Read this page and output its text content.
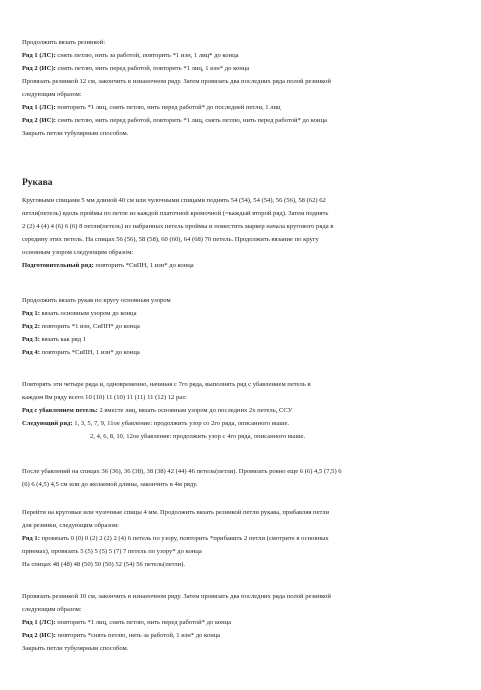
Продолжить вязать резинкой:
Ряд 1 (ЛС): снять петлю, нить за работой, повторить *1 изн, 1 лиц* до конца
Ряд 2 (ИС): снять петлю, нить перед работой, повторить *1 лиц, 1 изн* до конца
Провязать резинкой 12 см, закончить в изнаночном ряду. Затем провязать два последних ряда полой резинкой
следующим образом:
Ряд 1 (ЛС): повторить *1 лиц, снять петлю, нить перед работой* до последней петли, 1 лиц
Ряд 2 (ИС): снять петлю, нить перед работой, повторить *1 лиц, снять петлю, нить перед работой* до конца
Закрыть петли тубулярным способом.
Рукава
Круговыми спицами 5 мм длиной 40 см или чулочными спицами поднять 54 (54), 54 (54), 56 (56), 58 (62) 62
петли(петель) вдоль проймы по петле из каждой платочной кромочной (=каждый второй ряд). Затем поднять
2 (2) 4 (4) 4 (6) 6 (6) 8 петли(петель) из набранных петель проймы и поместить маркер начала кругового ряда в
середину этих петель. На спицах 56 (56), 58 (58), 60 (60), 64 (68) 70 петель. Продолжить вязание по кругу
основным узором следующим образом:
Подготовительный ряд: повторить *СиПН, 1 изн* до конца
Продолжить вязать рукав по кругу основным узором
Ряд 1: вязать основным узором до конца
Ряд 2: повторить *1 изн, СиПН* до конца
Ряд 3: вязать как ряд 1
Ряд 4: повторить *СиПН, 1 изн* до конца
Повторять эти четыре ряда и, одновременно, начиная с 7го ряда, выполнять ряд с убавлением петель в
каждом 8м ряду всего 10 (10) 11 (10) 11 (11) 11 (12) 12 раз:
Ряд с убавлением петель: 2 вместе лиц, вязать основным узором до последних 2х петель, ССУ
Следующий ряд: 1, 3, 5, 7, 9, 11ое убавление: продолжить узор со 2го ряда, описанного выше.
2, 4, 6, 8, 10, 12ое убавление: продолжить узор с 4го ряда, описанного выше.
После убавлений на спицах 36 (36), 36 (38), 38 (38) 42 (44) 46 петель(петли). Провязать ровно еще 6 (6) 4,5 (7,5) 6
(6) 6 (4,5) 4,5 см или до желаемой длины, закончить в 4м ряду.
Перейти на круговые или чулочные спицы 4 мм. Продолжить вязать резинкой петли рукава, прибавляя петли
для резинки, следующим образом:
Ряд 1: провязать 0 (0) 0 (2) 2 (2) 2 (4) 6 петель по узору, повторить *прибавить 2 петли (смотрите в основных
приемах), провязать 5 (5) 5 (5) 5 (7) 7 петель по узору* до конца
На спицах 48 (48) 48 (50) 50 (50) 52 (54) 56 петель(петли).
Провязать резинкой 10 см, закончить в изнаночном ряду. Затем провязать два последних ряда полой резинкой
следующим образом:
Ряд 1 (ЛС): повторить *1 лиц, снять петлю, нить перед работой* до конца
Ряд 2 (ИС): повторить *снять петлю, нить за работой, 1 изн* до конца
Закрыть петли тубулярным способом.
